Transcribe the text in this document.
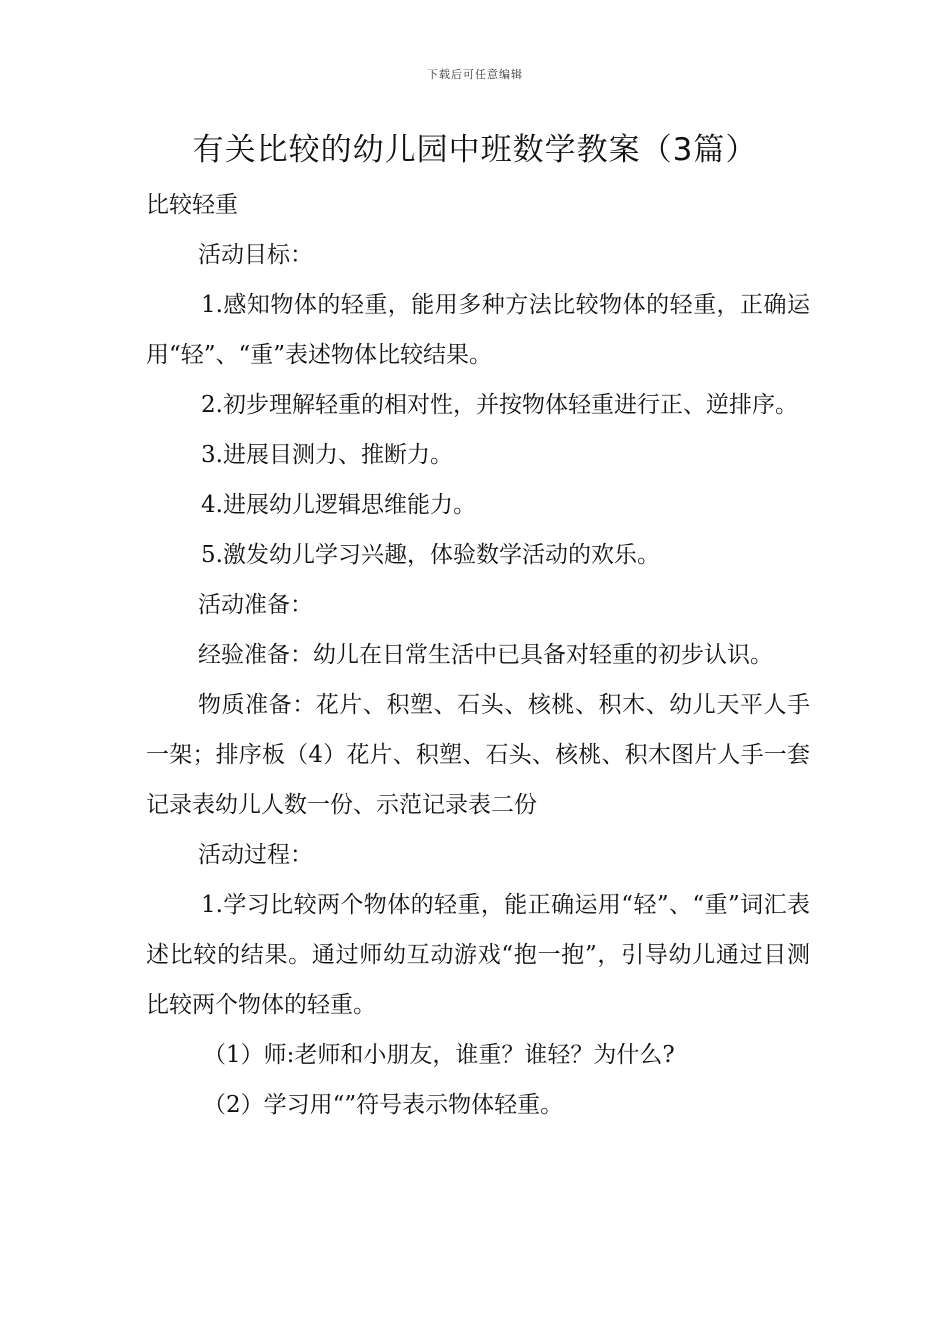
下载后可任意编辑
有关比较的幼儿园中班数学教案（3篇）

比较轻重

活动目标：

1.感知物体的轻重，能用多种方法比较物体的轻重，正确运用“轻”、“重”表述物体比较结果。

2.初步理解轻重的相对性，并按物体轻重进行正、逆排序。

3.进展目测力、推断力。

4.进展幼儿逻辑思维能力。

5.激发幼儿学习兴趣，体验数学活动的欢乐。

活动准备：

经验准备：幼儿在日常生活中已具备对轻重的初步认识。

物质准备：花片、积塑、石头、核桃、积木、幼儿天平人手一架；排序板（4）花片、积塑、石头、核桃、积木图片人手一套记录表幼儿人数一份、示范记录表二份

活动过程：

1.学习比较两个物体的轻重，能正确运用“轻”、“重”词汇表述比较的结果。通过师幼互动游戏“抱一抱”，引导幼儿通过目测比较两个物体的轻重。

（1）师:老师和小朋友，谁重？谁轻？为什么?

（2）学习用“”符号表示物体轻重。
